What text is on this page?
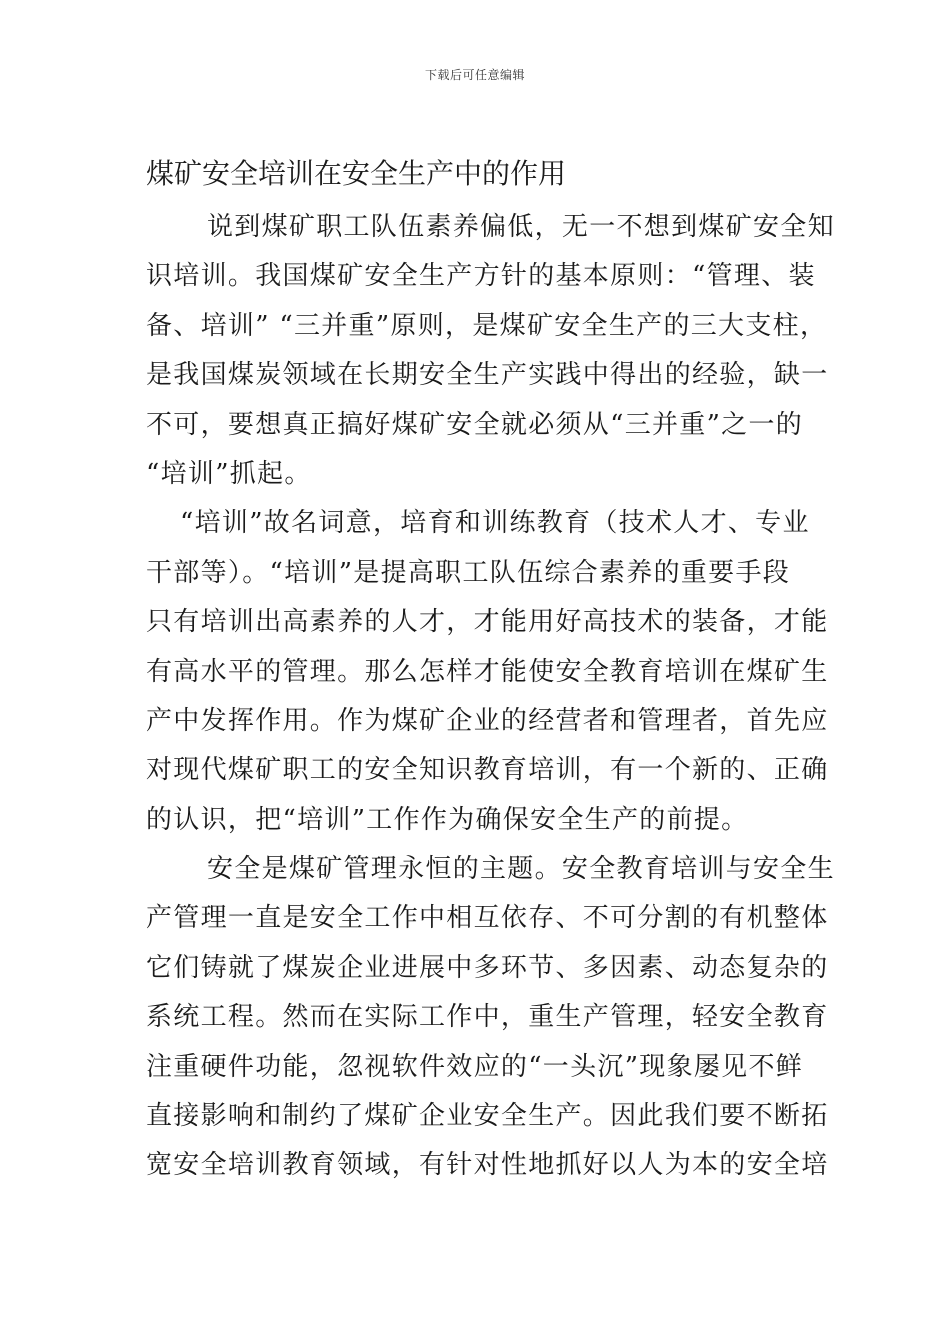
下载后可任意编辑
煤矿安全培训在安全生产中的作用
说到煤矿职工队伍素养偏低，无一不想到煤矿安全知
识培训。我国煤矿安全生产方针的基本原则：“管理、装
备、培训” “三并重”原则，是煤矿安全生产的三大支柱，
是我国煤炭领域在长期安全生产实践中得出的经验，缺一
不可，要想真正搞好煤矿安全就必须从“三并重”之一的
“培训”抓起。
“培训”故名词意，培育和训练教育（技术人才、专业
干部等）。“培训”是提高职工队伍综合素养的重要手段
只有培训出高素养的人才，才能用好高技术的装备，才能
有高水平的管理。那么怎样才能使安全教育培训在煤矿生
产中发挥作用。作为煤矿企业的经营者和管理者，首先应
对现代煤矿职工的安全知识教育培训，有一个新的、正确
的认识，把“培训”工作作为确保安全生产的前提。
安全是煤矿管理永恒的主题。安全教育培训与安全生
产管理一直是安全工作中相互依存、不可分割的有机整体
它们铸就了煤炭企业进展中多环节、多因素、动态复杂的
系统工程。然而在实际工作中，重生产管理，轻安全教育
注重硬件功能，忽视软件效应的“一头沉”现象屡见不鲜
直接影响和制约了煤矿企业安全生产。因此我们要不断拓
宽安全培训教育领域，有针对性地抓好以人为本的安全培
